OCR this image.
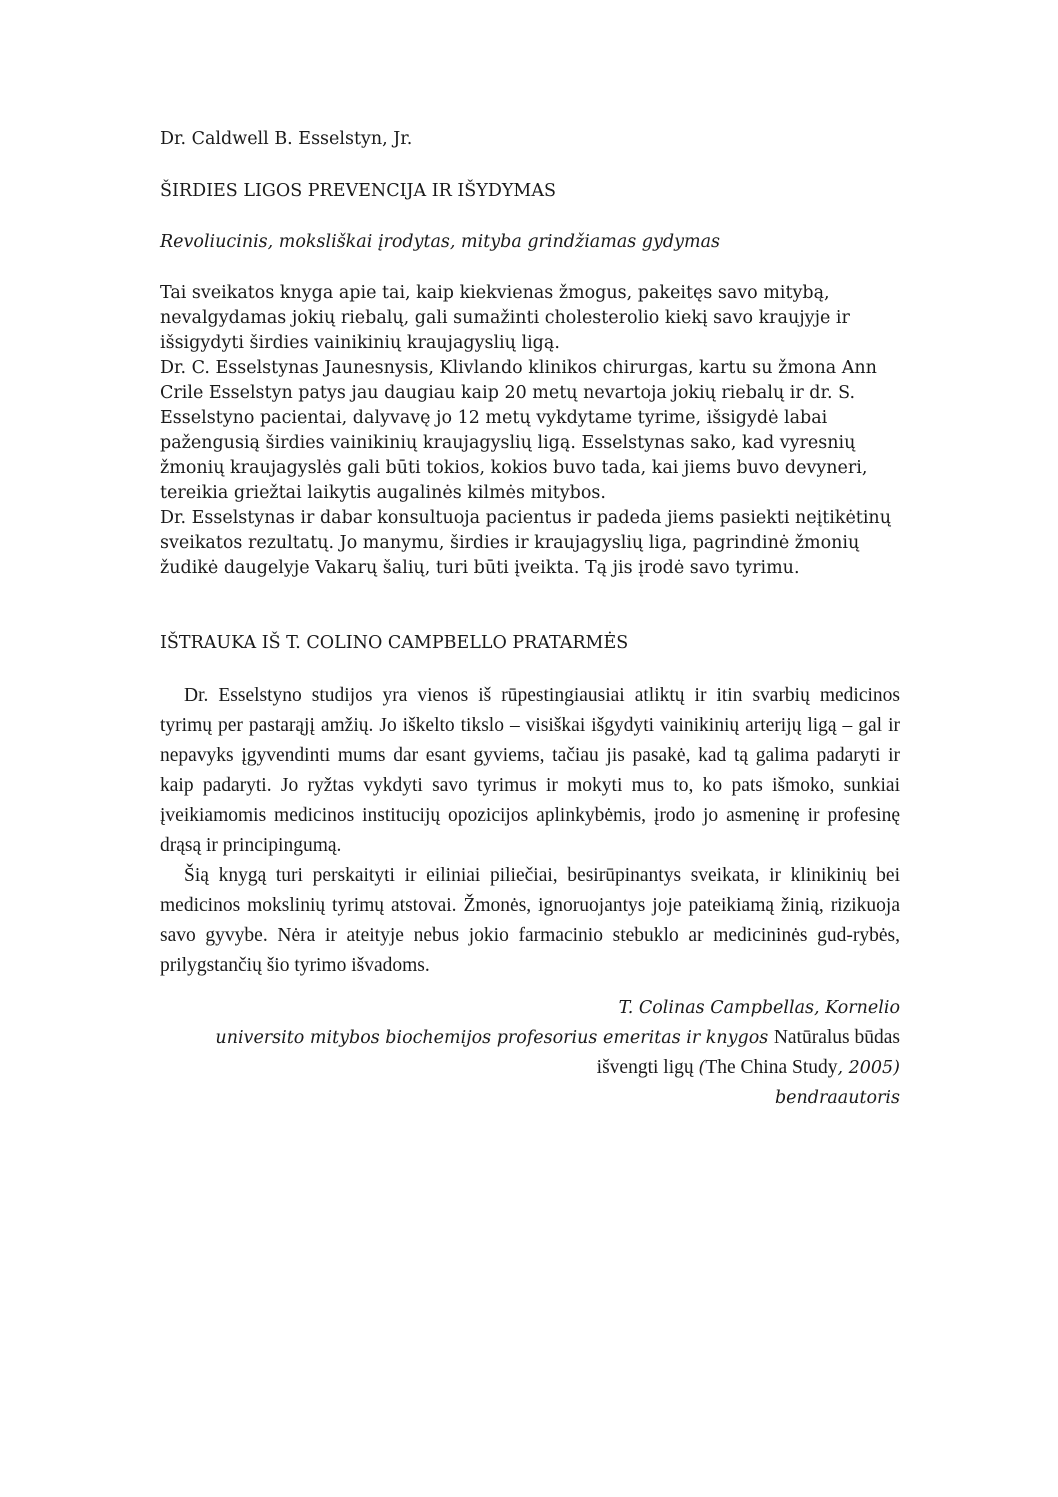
Dr. Caldwell B. Esselstyn, Jr.
ŠIRDIES LIGOS PREVENCIJA IR IŠYDYMAS
Revoliucinis, moksliškai įrodytas, mityba grindžiamas gydymas

Tai sveikatos knyga apie tai, kaip kiekvienas žmogus, pakeitęs savo mitybą, nevalgydamas jokių riebalų, gali sumažinti cholesterolio kiekį savo kraujyje ir išsigydyti širdies vainikinių kraujagyslių ligą.

Dr. C. Esselstynas Jaunesnysis, Klivlando klinikos chirurgas, kartu su žmona Ann Crile Esselstyn patys jau daugiau kaip 20 metų nevartoja jokių riebalų ir dr. S. Esselstyno pacientai, dalyvavę jo 12 metų vykdytame tyrime, išsigydė labai pažengusią širdies vainikinių kraujagyslių ligą. Esselstynas sako, kad vyresnių žmonių kraujagyslės gali būti tokios, kokios buvo tada, kai jiems buvo devyneri, tereikia griežtai laikytis augalinės kilmės mitybos.

Dr. Esselstynas ir dabar konsultuoja pacientus ir padeda jiems pasiekti neįtikėtinų sveikatos rezultatų. Jo manymu, širdies ir kraujagyslių liga, pagrindinė žmonių žudikė daugelyje Vakarų šalių, turi būti įveikta. Tą jis įrodė savo tyrimu.

IŠTRAUKA IŠ T. COLINO CAMPBELLO PRATARMĖS

Dr. Esselstyno studijos yra vienos iš rūpestingiausiai atliktų ir itin svarbių medicinos tyrimų per pastarąjį amžių. Jo iškelto tikslo – visiškai išgydyti vainikinių arterijų ligą – gal ir nepavyks įgyvendinti mums dar esant gyviems, tačiau jis pasakė, kad tą galima padaryti ir kaip padaryti. Jo ryžtas vykdyti savo tyrimus ir mokyti mus to, ko pats išmoko, sunkiai įveikiamomis medicinos institucijų opozicijos aplinkybėmis, įrodo jo asmeninę ir profesinę drąsą ir principingumą.

Šią knygą turi perskaityti ir eiliniai piliečiai, besirūpinantys sveikata, ir klinikinių bei medicinos mokslinių tyrimų atstovai. Žmonės, ignoruojantys joje pateikiamą žinią, rizikuoja savo gyvybe. Nėra ir ateityje nebus jokio farmacinio stebuklo ar medicininės gud-rybės, prilygstančių šio tyrimo išvadoms.

T. Colinas Campbellas, Kornelio
universito mitybos biochemijos profesorius emeritas ir knygos Natūralus būdas
išvengti ligų (The China Study, 2005)
bendraautoris
